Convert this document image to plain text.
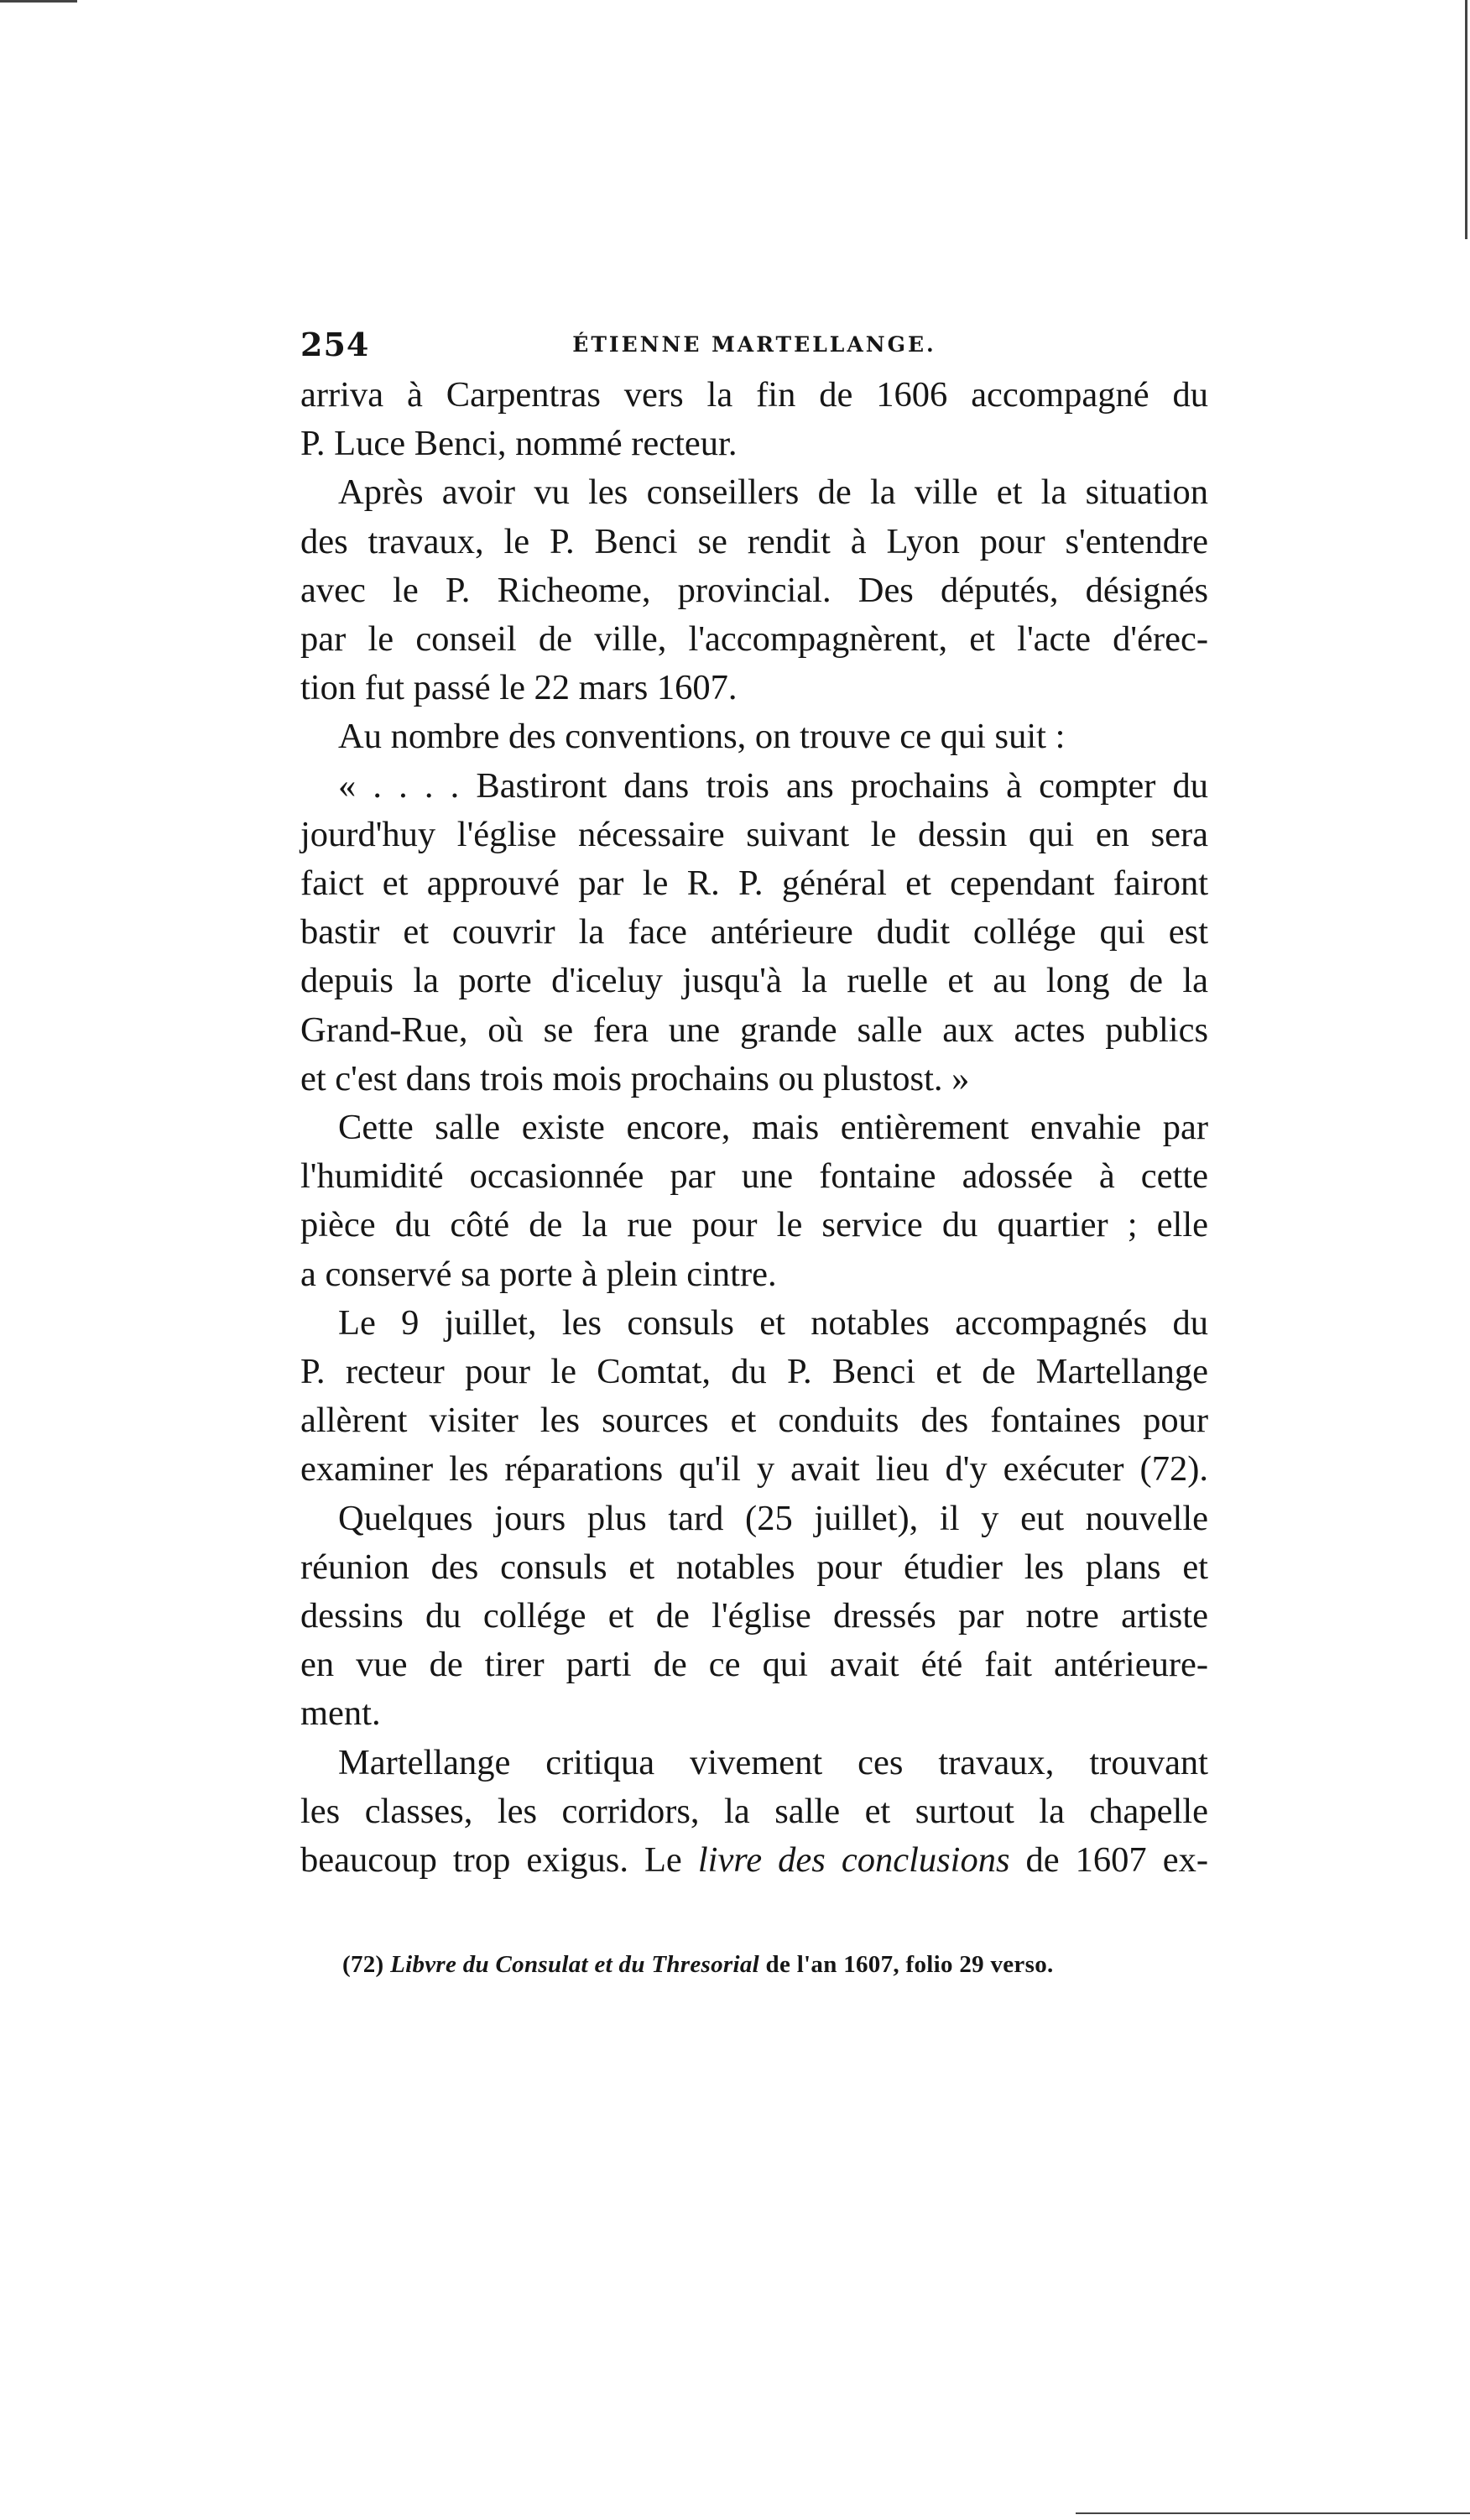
254	ÉTIENNE MARTELLANGE.
arriva à Carpentras vers la fin de 1606 accompagné du
P. Luce Benci, nommé recteur.
Après avoir vu les conseillers de la ville et la situation
des travaux, le P. Benci se rendit à Lyon pour s'entendre
avec le P. Richeome, provincial. Des députés, désignés
par le conseil de ville, l'accompagnèrent, et l'acte d'érec-
tion fut passé le 22 mars 1607.
Au nombre des conventions, on trouve ce qui suit :
« . . . . Bastiront dans trois ans prochains à compter du
jourd'huy l'église nécessaire suivant le dessin qui en sera
faict et approuvé par le R. P. général et cependant fairont
bastir et couvrir la face antérieure dudit collége qui est
depuis la porte d'iceluy jusqu'à la ruelle et au long de la
Grand-Rue, où se fera une grande salle aux actes publics
et c'est dans trois mois prochains ou plustost. »
Cette salle existe encore, mais entièrement envahie par
l'humidité occasionnée par une fontaine adossée à cette
pièce du côté de la rue pour le service du quartier ; elle
a conservé sa porte à plein cintre.
Le 9 juillet, les consuls et notables accompagnés du
P. recteur pour le Comtat, du P. Benci et de Martellange
allèrent visiter les sources et conduits des fontaines pour
examiner les réparations qu'il y avait lieu d'y exécuter (72).
Quelques jours plus tard (25 juillet), il y eut nouvelle
réunion des consuls et notables pour étudier les plans et
dessins du collége et de l'église dressés par notre artiste
en vue de tirer parti de ce qui avait été fait antérieure-
ment.
Martellange critiqua vivement ces travaux, trouvant
les classes, les corridors, la salle et surtout la chapelle
beaucoup trop exigus. Le livre des conclusions de 1607 ex-
(72) Libvre du Consulat et du Thresorial de l'an 1607, folio 29 verso.
